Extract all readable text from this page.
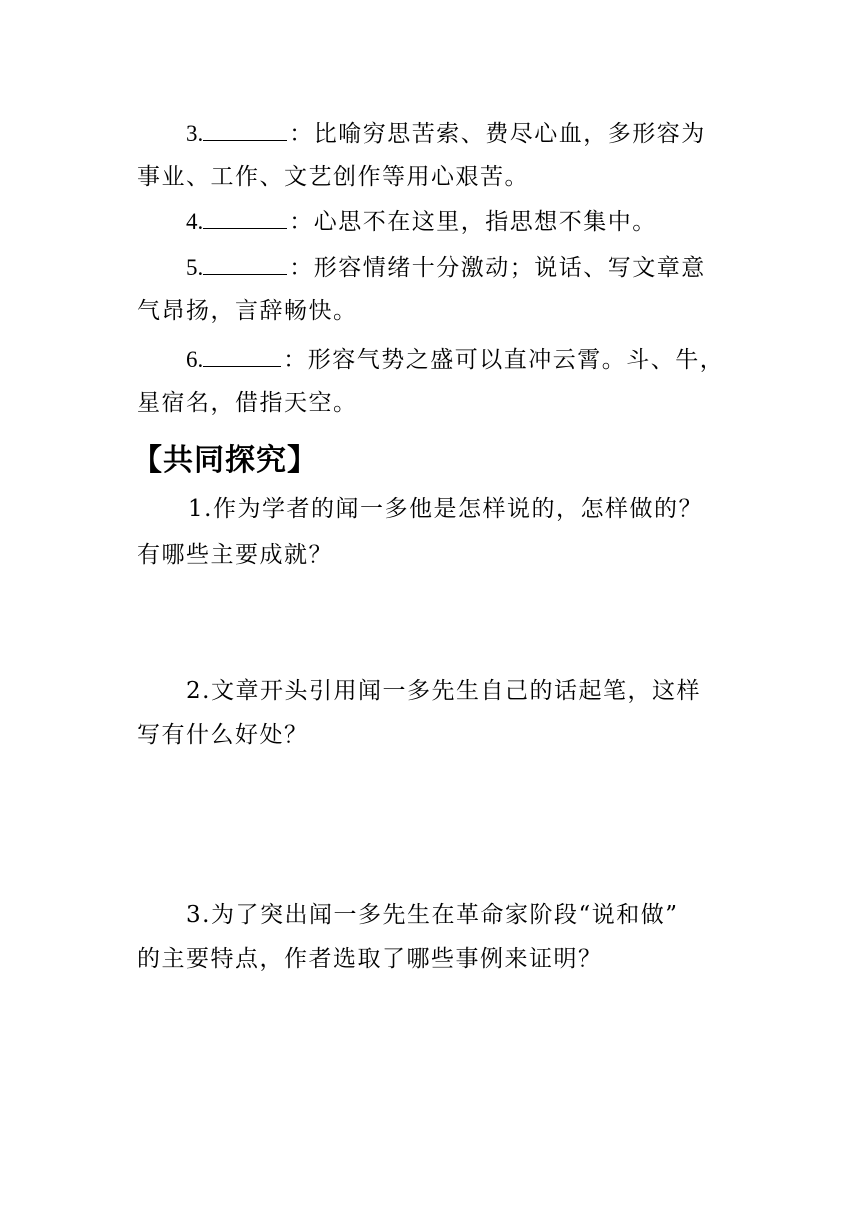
3.	：比喻穷思苦索、费尽心血，多形容为
事业、工作、文艺创作等用心艰苦。
4.	：心思不在这里，指思想不集中。
5.	：形容情绪十分激动；说话、写文章意
气昂扬，言辞畅快。
6.	：形容气势之盛可以直冲云霄。斗、牛，
星宿名，借指天空。
【共同探究】
1.作为学者的闻一多他是怎样说的，怎样做的？
有哪些主要成就？
2.文章开头引用闻一多先生自己的话起笔，这样
写有什么好处？
3.为了突出闻一多先生在革命家阶段“说和做”
的主要特点，作者选取了哪些事例来证明？
